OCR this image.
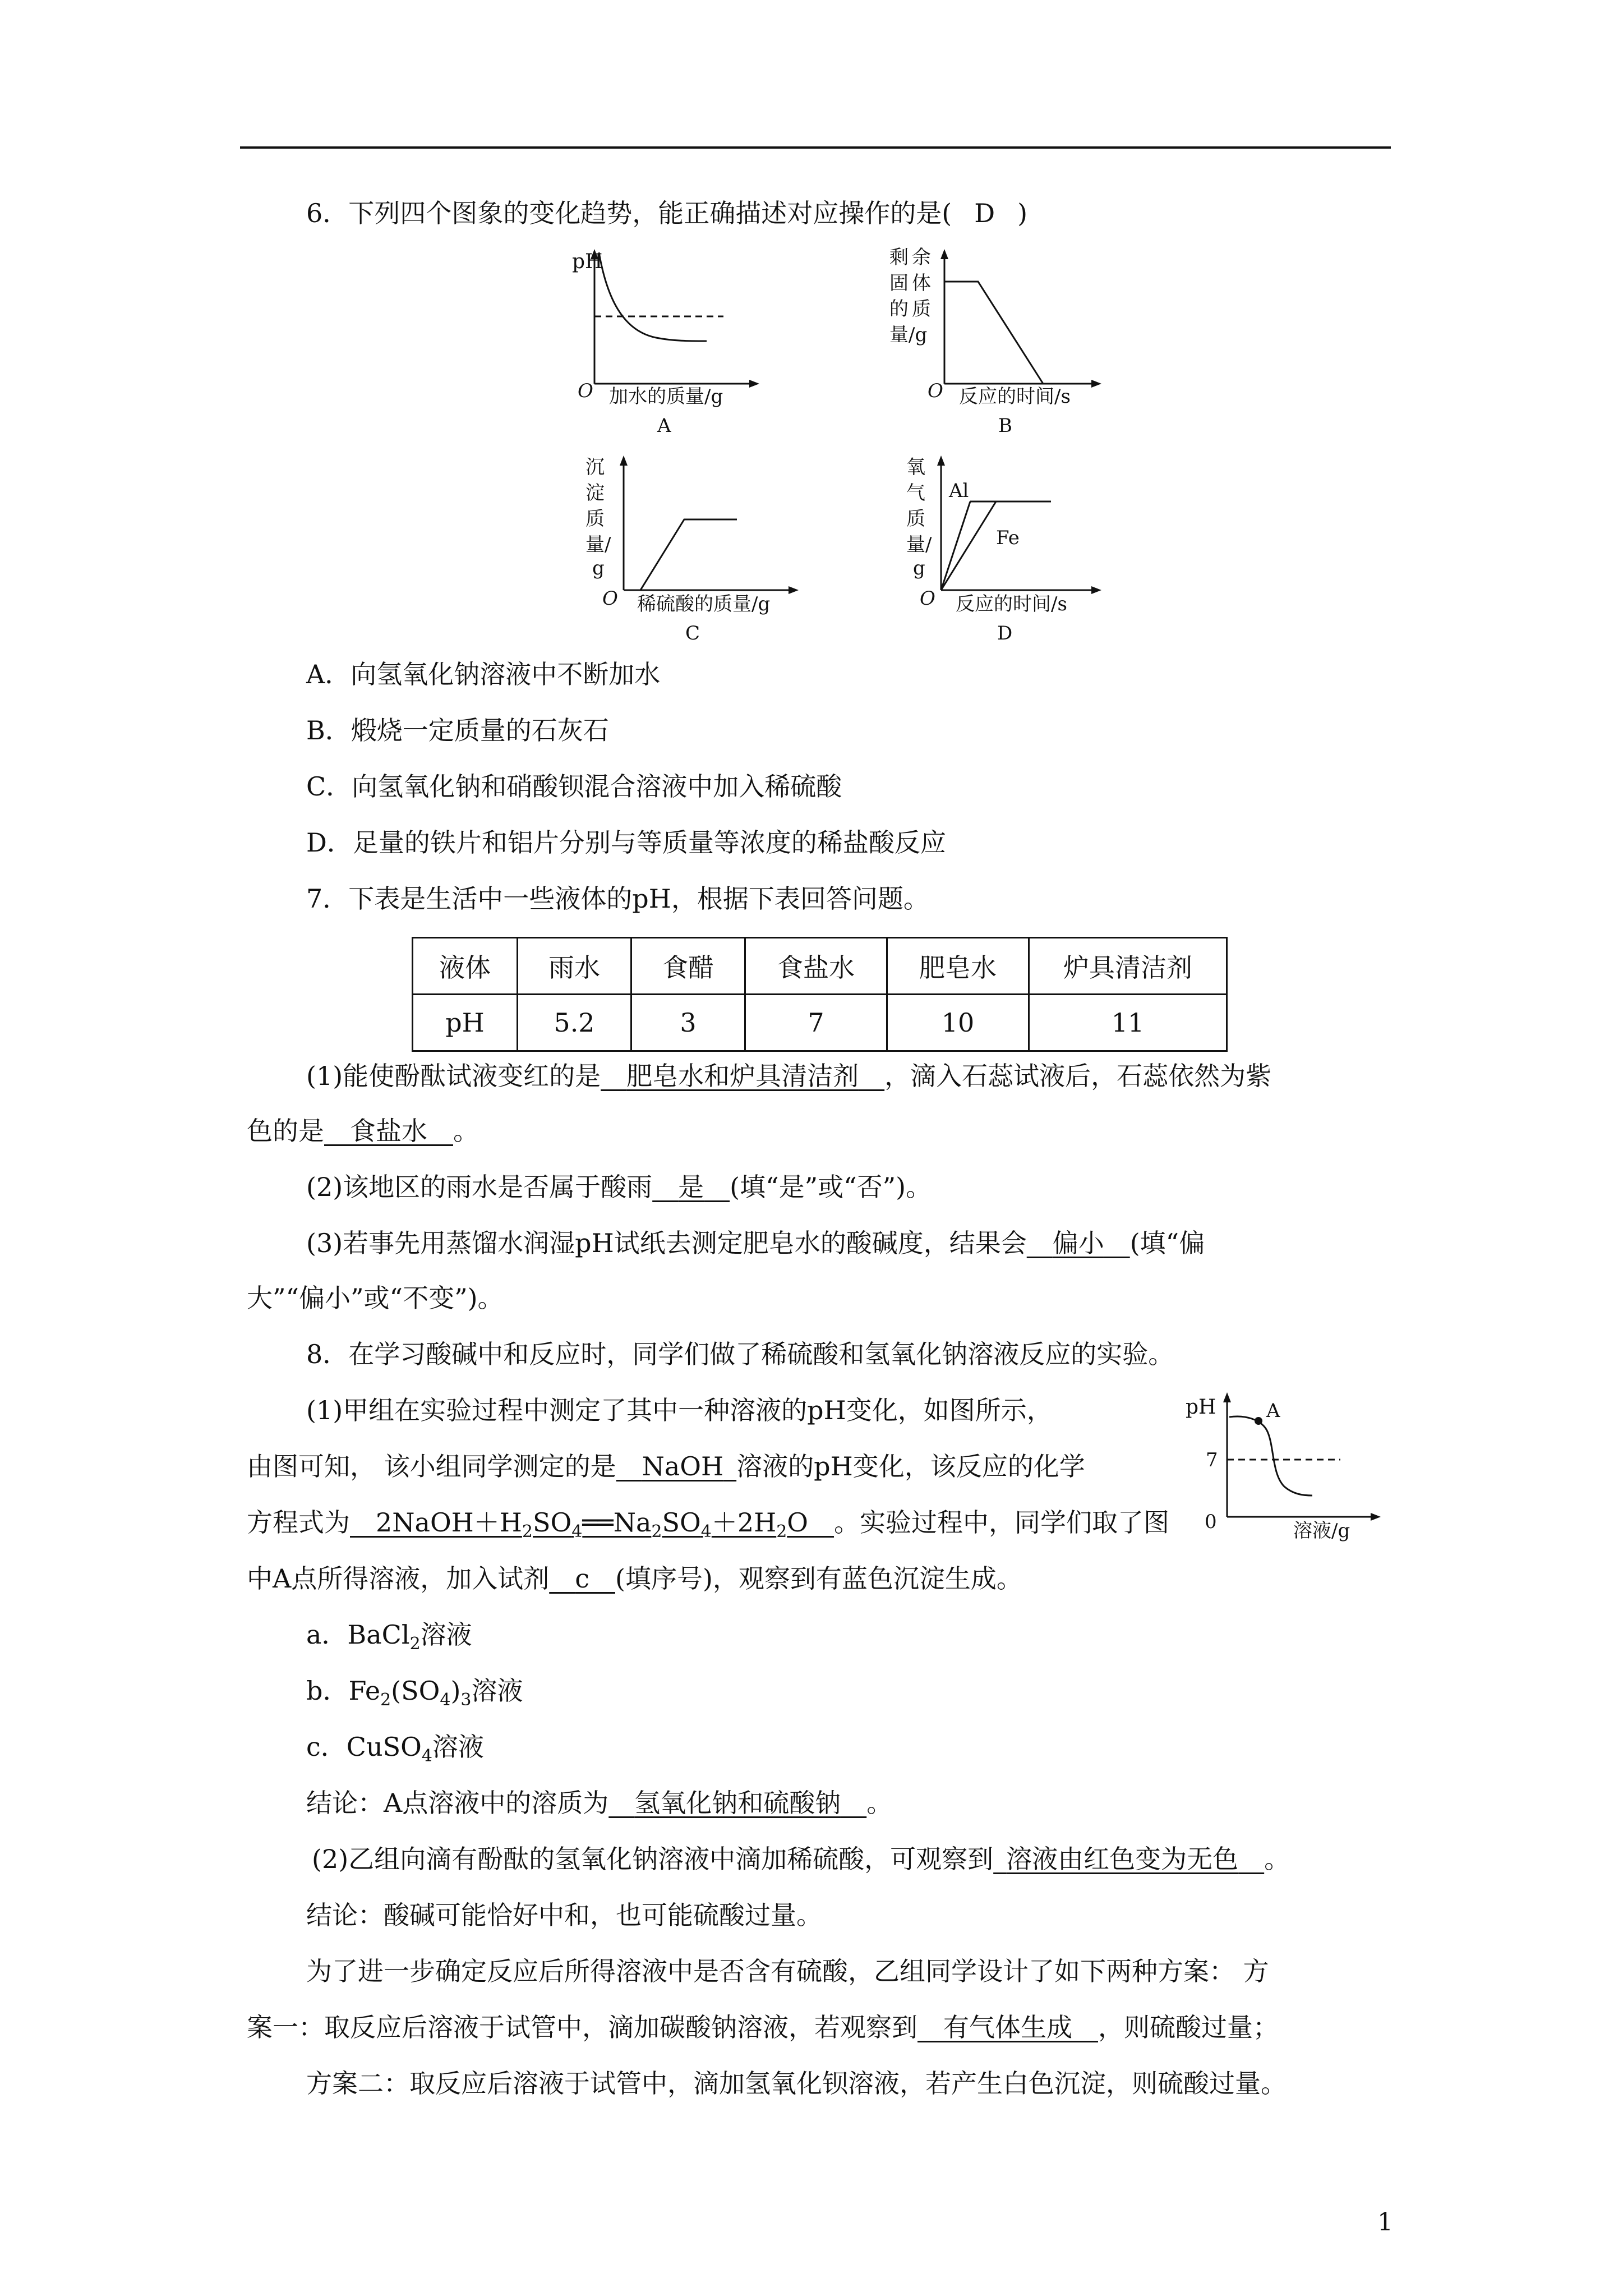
6．下列四个图象的变化趋势，能正确描述对应操作的是( D )
pH
O 加水的质量/g
A
剩 余
固 体
的 质
量/g
O 反应的时间/s
B
沉
淀
质
量/
g
O 稀硫酸的质量/g
C
氧
气
质
量/
g
Al
Fe
O 反应的时间/s
D
A．向氢氧化钠溶液中不断加水
B．煅烧一定质量的石灰石
C．向氢氧化钠和硝酸钡混合溶液中加入稀硫酸
D．足量的铁片和铝片分别与等质量等浓度的稀盐酸反应
7．下表是生活中一些液体的pH，根据下表回答问题。
液体	雨水	食醋	食盐水	肥皂水	炉具清洁剂
pH	5.2	3	7	10	11
(1)能使酚酞试液变红的是  肥皂水和炉具清洁剂  ，滴入石蕊试液后，石蕊依然为紫
色的是   食盐水   。
(2)该地区的雨水是否属于酸雨   是   (填“是”或“否”)。
(3)若事先用蒸馏水润湿pH试纸去测定肥皂水的酸碱度，结果会   偏小   (填“偏
大”“偏小”或“不变”)。
8．在学习酸碱中和反应时，同学们做了稀硫酸和氢氧化钠溶液反应的实验。
(1)甲组在实验过程中测定了其中一种溶液的pH变化，如图所示，
由图可知， 该小组同学测定的是   NaOH  溶液的pH变化，该反应的化学
方程式为   $2NaOH+H_2SO_4══Na_2SO_4+2H_2O$   。实验过程中，同学们取了图
中A点所得溶液，加入试剂   c   (填序号)，观察到有蓝色沉淀生成。
pH	A
7
0	溶液/g
a．BaCl$_2$溶液
b．$Fe_2(SO_4)_3$溶液
c．CuSO$_4$溶液
结论：A点溶液中的溶质为   氢氧化钠和硫酸钠   。
(2)乙组向滴有酚酞的氢氧化钠溶液中滴加稀硫酸，可观察到  溶液由红色变为无色   。
结论：酸碱可能恰好中和，也可能硫酸过量。
为了进一步确定反应后所得溶液中是否含有硫酸，乙组同学设计了如下两种方案： 方
案一：取反应后溶液于试管中，滴加碳酸钠溶液，若观察到   有气体生成   ，则硫酸过量；
方案二：取反应后溶液于试管中，滴加氢氧化钡溶液，若产生白色沉淀，则硫酸过量。
1
